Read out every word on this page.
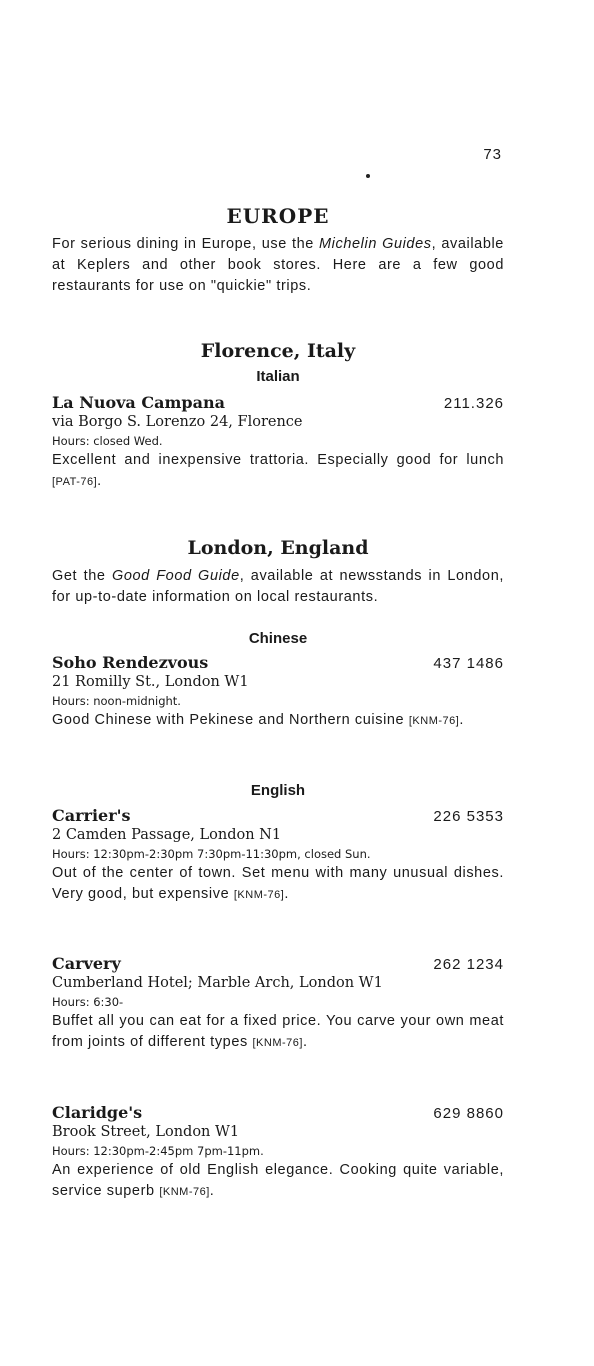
73
EUROPE

For serious dining in Europe, use the Michelin Guides, available at Keplers and other book stores. Here are a few good restaurants for use on "quickie" trips.

Florence, Italy
Italian
La Nuova Campana	211.326
via Borgo S. Lorenzo 24, Florence
Hours: closed Wed.

Excellent and inexpensive trattoria. Especially good for lunch [PAT-76].

London, England

Get the Good Food Guide, available at newsstands in London, for up-to-date information on local restaurants.

Chinese
Soho Rendezvous	437 1486
21 Romilly St., London W1
Hours: noon-midnight.

Good Chinese with Pekinese and Northern cuisine [KNM-76].

English
Carrier's	226 5353
2 Camden Passage, London N1
Hours: 12:30pm-2:30pm 7:30pm-11:30pm, closed Sun.

Out of the center of town. Set menu with many unusual dishes. Very good, but expensive [KNM-76].

Carvery	262 1234
Cumberland Hotel; Marble Arch, London W1
Hours: 6:30-

Buffet all you can eat for a fixed price. You carve your own meat from joints of different types [KNM-76].

Claridge's	629 8860
Brook Street, London W1
Hours: 12:30pm-2:45pm 7pm-11pm.

An experience of old English elegance. Cooking quite variable, service superb [KNM-76].
